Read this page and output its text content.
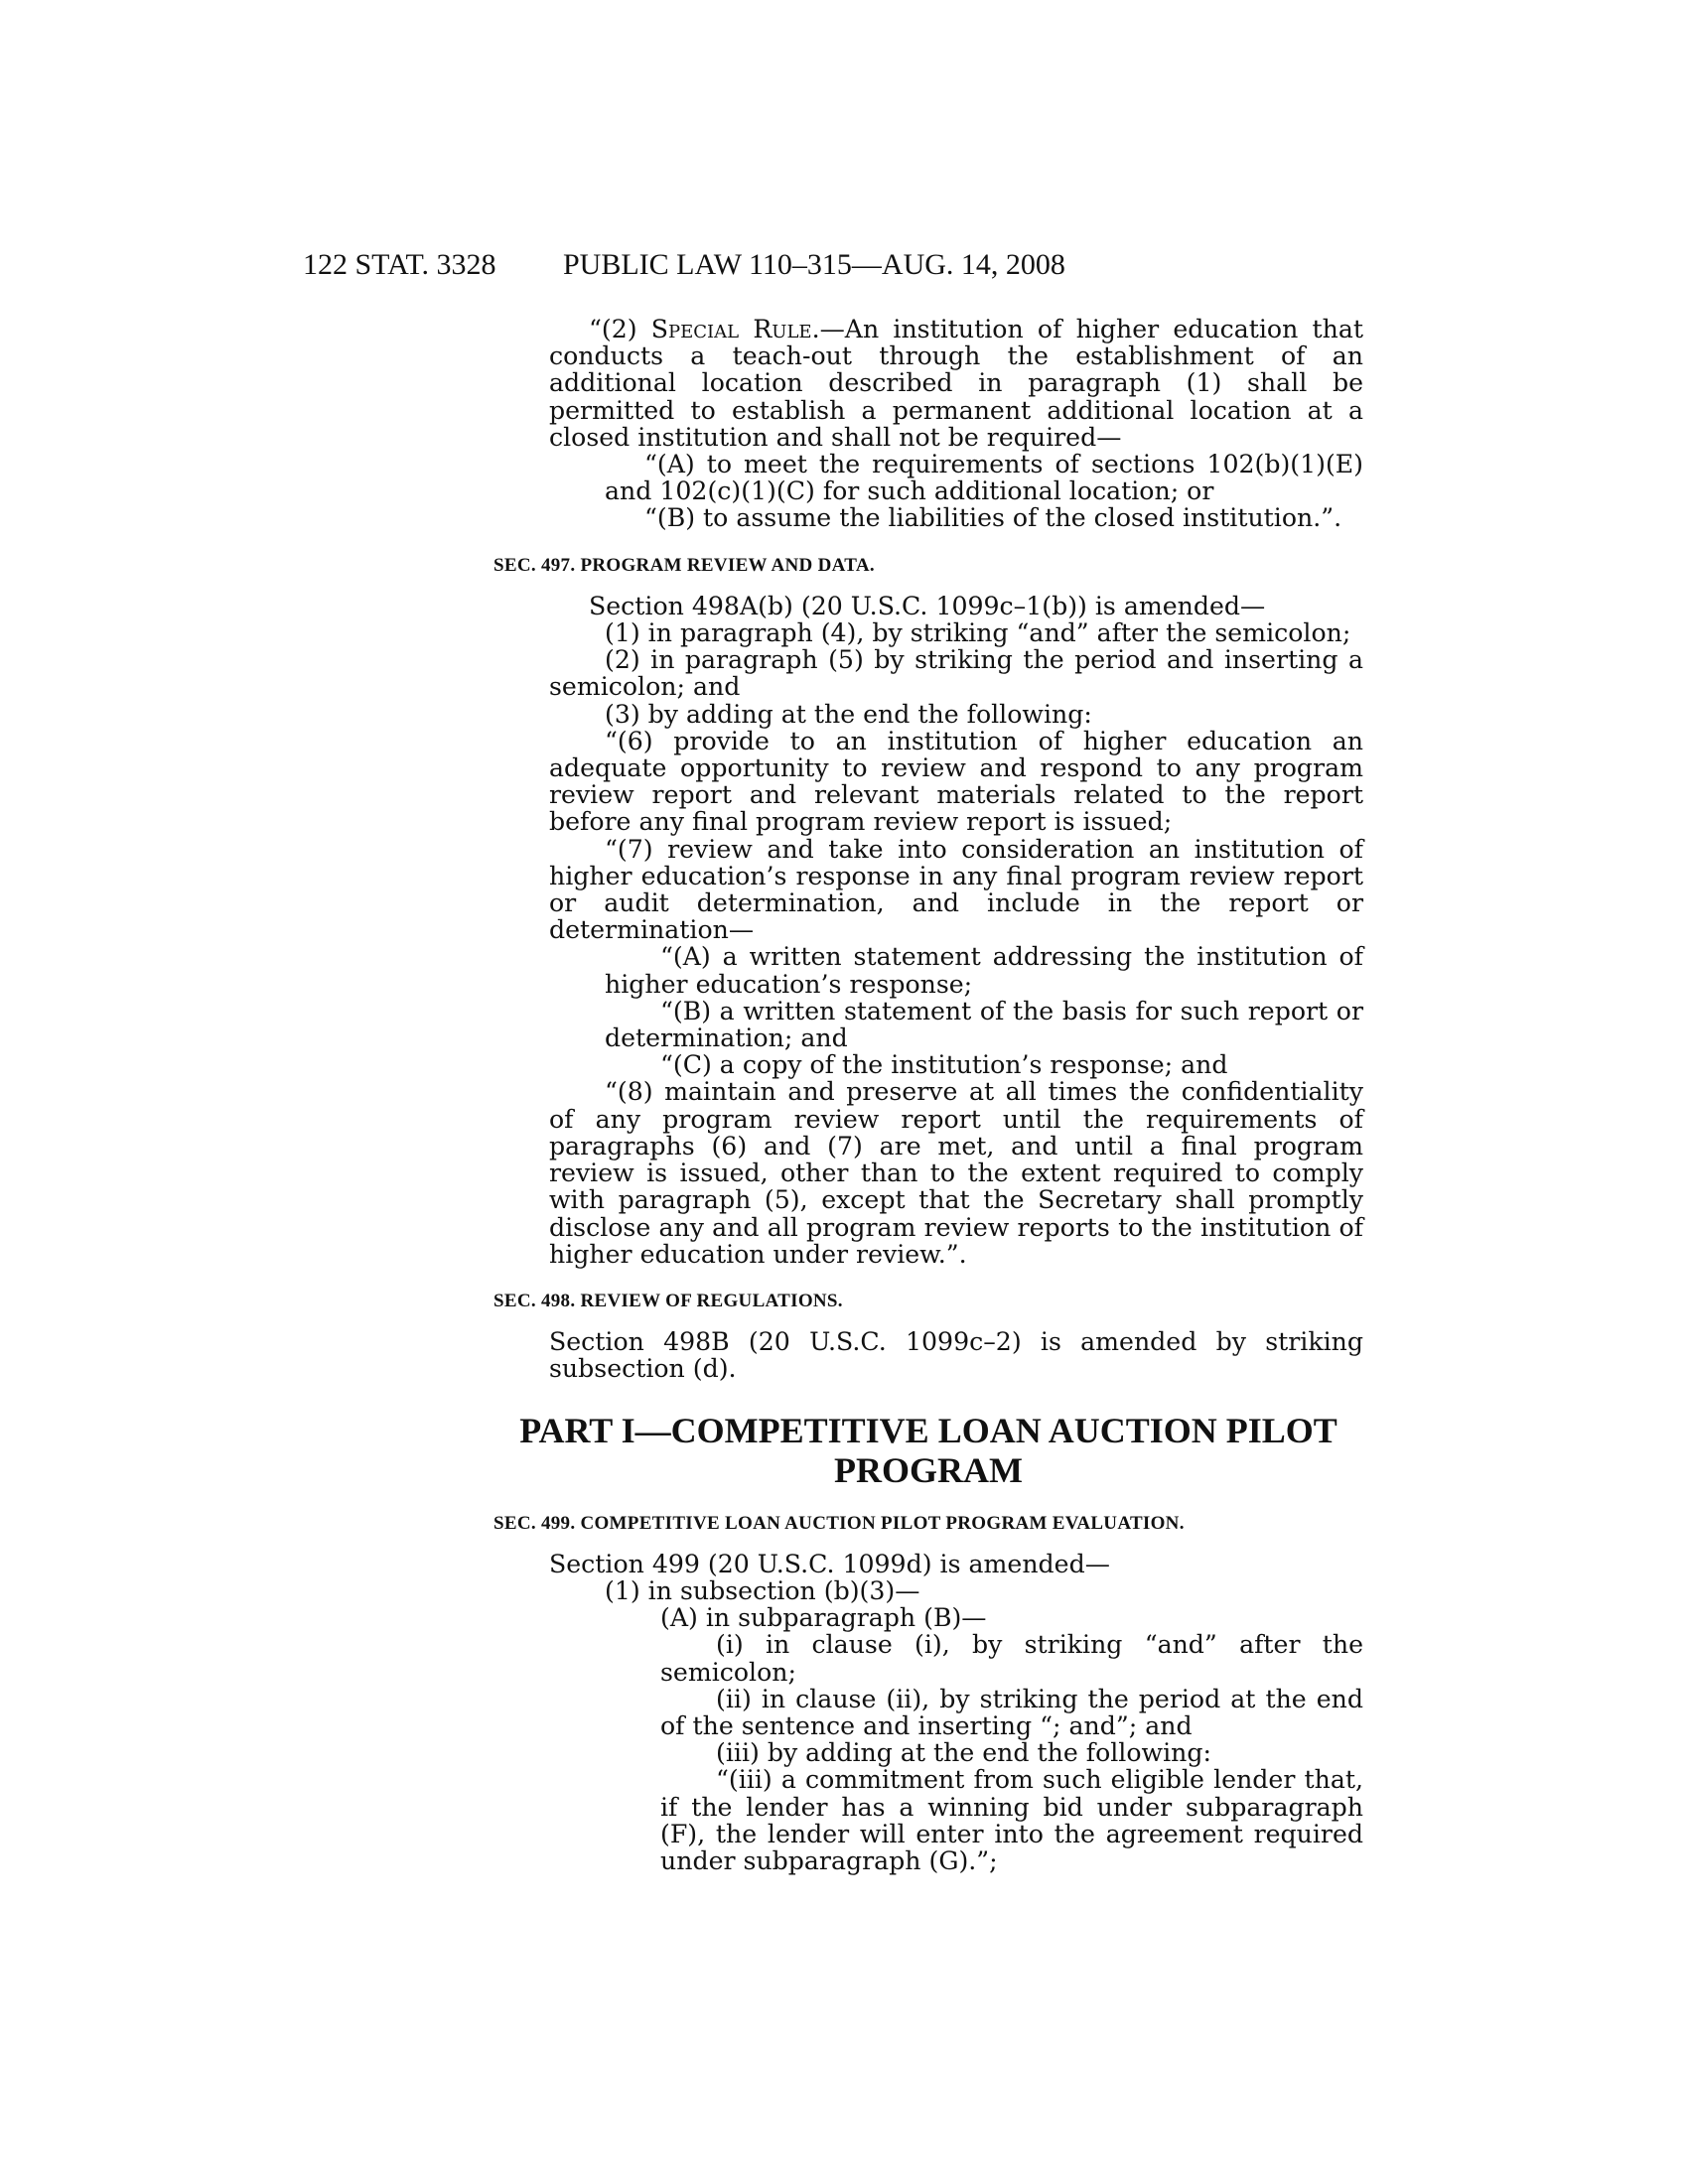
122 STAT. 3328 PUBLIC LAW 110–315—AUG. 14, 2008

“(2) Special Rule.—An institution of higher education that conducts a teach-out through the establishment of an additional location described in paragraph (1) shall be permitted to establish a permanent additional location at a closed institution and shall not be required—

“(A) to meet the requirements of sections 102(b)(1)(E) and 102(c)(1)(C) for such additional location; or

“(B) to assume the liabilities of the closed institution.”.

SEC. 497. PROGRAM REVIEW AND DATA.

Section 498A(b) (20 U.S.C. 1099c–1(b)) is amended—

(1) in paragraph (4), by striking “and” after the semicolon;

(2) in paragraph (5) by striking the period and inserting a semicolon; and

(3) by adding at the end the following:

“(6) provide to an institution of higher education an adequate opportunity to review and respond to any program review report and relevant materials related to the report before any final program review report is issued;

“(7) review and take into consideration an institution of higher education’s response in any final program review report or audit determination, and include in the report or determination—

“(A) a written statement addressing the institution of higher education’s response;

“(B) a written statement of the basis for such report or determination; and

“(C) a copy of the institution’s response; and

“(8) maintain and preserve at all times the confidentiality of any program review report until the requirements of paragraphs (6) and (7) are met, and until a final program review is issued, other than to the extent required to comply with paragraph (5), except that the Secretary shall promptly disclose any and all program review reports to the institution of higher education under review.”.

SEC. 498. REVIEW OF REGULATIONS.

Section 498B (20 U.S.C. 1099c–2) is amended by striking subsection (d).

PART I—COMPETITIVE LOAN AUCTION PILOT PROGRAM
SEC. 499. COMPETITIVE LOAN AUCTION PILOT PROGRAM EVALUATION.

Section 499 (20 U.S.C. 1099d) is amended—

(1) in subsection (b)(3)—

(A) in subparagraph (B)—

(i) in clause (i), by striking “and” after the semicolon;

(ii) in clause (ii), by striking the period at the end of the sentence and inserting “; and”; and

(iii) by adding at the end the following:

“(iii) a commitment from such eligible lender that, if the lender has a winning bid under subparagraph (F), the lender will enter into the agreement required under subparagraph (G).”;
